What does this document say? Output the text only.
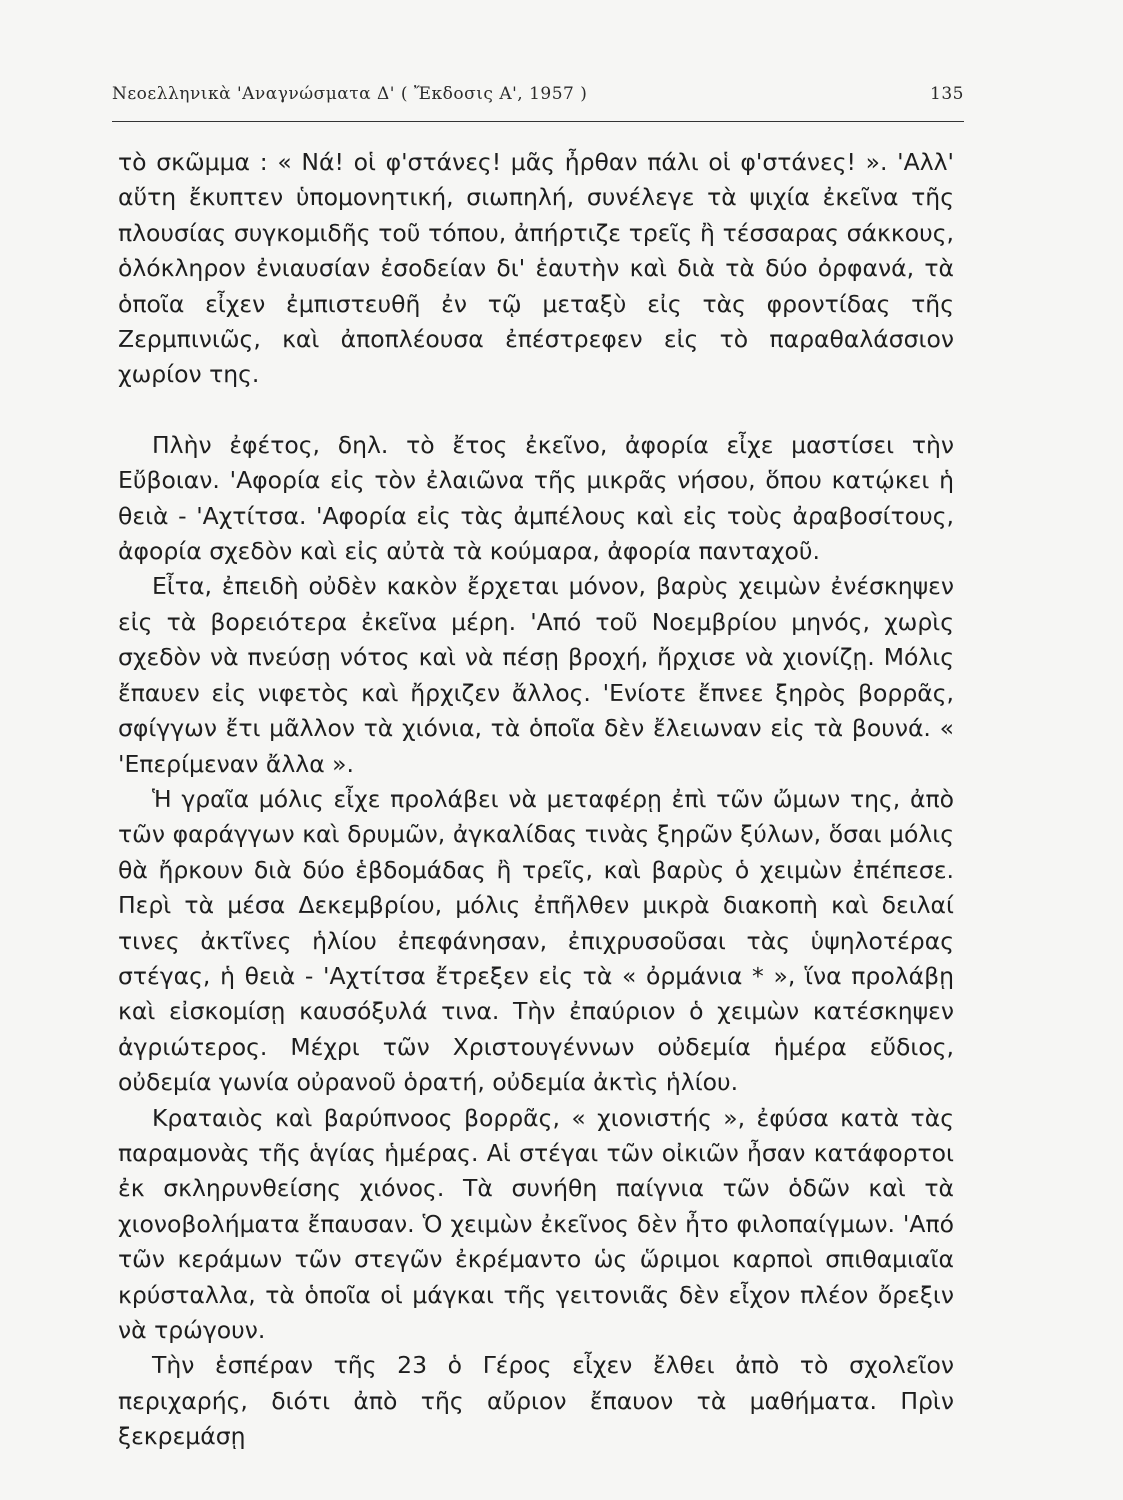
Νεοελληνικὰ 'Αναγνώσματα Δ' ( Ἔκδοσις Α', 1957 )	135

τὸ σκῶμμα : « Νά! οἱ φ'στάνες! μᾶς ἦρθαν πάλι οἱ φ'στάνες! ». 'Αλλ' αὕτη ἔκυπτεν ὑπομονητική, σιωπηλή, συνέλεγε τὰ ψιχία ἐκεῖνα τῆς πλουσίας συγκομιδῆς τοῦ τόπου, ἀπήρτιζε τρεῖς ἢ τέσσαρας σάκκους, ὁλόκληρον ἐνιαυσίαν ἐσοδείαν δι' ἑαυτὴν καὶ διὰ τὰ δύο ὀρφανά, τὰ ὁποῖα εἶχεν ἐμπιστευθῆ ἐν τῷ μεταξὺ εἰς τὰς φροντίδας τῆς Ζερμπινιῶς, καὶ ἀποπλέουσα ἐπέστρεφεν εἰς τὸ παραθαλάσσιον χωρίον της.

Πλὴν ἐφέτος, δηλ. τὸ ἔτος ἐκεῖνο, ἀφορία εἶχε μαστίσει τὴν Εὔβοιαν. 'Αφορία εἰς τὸν ἐλαιῶνα τῆς μικρᾶς νήσου, ὅπου κατῴκει ἡ θειὰ - 'Αχτίτσα. 'Αφορία εἰς τὰς ἀμπέλους καὶ εἰς τοὺς ἀραβοσίτους, ἀφορία σχεδὸν καὶ εἰς αὐτὰ τὰ κούμαρα, ἀφορία πανταχοῦ.

Εἶτα, ἐπειδὴ οὐδὲν κακὸν ἔρχεται μόνον, βαρὺς χειμὼν ἐνέσκηψεν εἰς τὰ βορειότερα ἐκεῖνα μέρη. 'Από τοῦ Νοεμβρίου μηνός, χωρὶς σχεδὸν νὰ πνεύσῃ νότος καὶ νὰ πέσῃ βροχή, ἤρχισε νὰ χιονίζῃ. Μόλις ἔπαυεν εἰς νιφετὸς καὶ ἤρχιζεν ἄλλος. 'Ενίοτε ἔπνεε ξηρὸς βορρᾶς, σφίγγων ἔτι μᾶλλον τὰ χιόνια, τὰ ὁποῖα δὲν ἔλειωναν εἰς τὰ βουνά. « 'Επερίμεναν ἄλλα ».

Ἡ γραῖα μόλις εἶχε προλάβει νὰ μεταφέρῃ ἐπὶ τῶν ὤμων της, ἀπὸ τῶν φαράγγων καὶ δρυμῶν, ἀγκαλίδας τινὰς ξηρῶν ξύλων, ὅσαι μόλις θὰ ἤρκουν διὰ δύο ἑβδομάδας ἢ τρεῖς, καὶ βαρὺς ὁ χειμὼν ἐπέπεσε. Περὶ τὰ μέσα Δεκεμβρίου, μόλις ἐπῆλθεν μικρὰ διακοπὴ καὶ δειλαί τινες ἀκτῖνες ἡλίου ἐπεφάνησαν, ἐπιχρυσοῦσαι τὰς ὑψηλοτέρας στέγας, ἡ θειὰ - 'Αχτίτσα ἔτρεξεν εἰς τὰ « ὀρμάνια * », ἵνα προλάβῃ καὶ εἰσκομίσῃ καυσόξυλά τινα. Τὴν ἐπαύριον ὁ χειμὼν κατέσκηψεν ἀγριώτερος. Μέχρι τῶν Χριστουγέννων οὐδεμία ἡμέρα εὔδιος, οὐδεμία γωνία οὐρανοῦ ὁρατή, οὐδεμία ἀκτὶς ἡλίου.

Κραταιὸς καὶ βαρύπνοος βορρᾶς, « χιονιστής », ἐφύσα κατὰ τὰς παραμονὰς τῆς ἁγίας ἡμέρας. Αἱ στέγαι τῶν οἰκιῶν ἦσαν κατάφορτοι ἐκ σκληρυνθείσης χιόνος. Τὰ συνήθη παίγνια τῶν ὁδῶν καὶ τὰ χιονοβολήματα ἔπαυσαν. Ὁ χειμὼν ἐκεῖνος δὲν ἦτο φιλοπαίγμων. 'Από τῶν κεράμων τῶν στεγῶν ἐκρέμαντο ὡς ὥριμοι καρποὶ σπιθαμιαῖα κρύσταλλα, τὰ ὁποῖα οἱ μάγκαι τῆς γειτονιᾶς δὲν εἶχον πλέον ὄρεξιν νὰ τρώγουν.

Τὴν ἑσπέραν τῆς 23 ὁ Γέρος εἶχεν ἔλθει ἀπὸ τὸ σχολεῖον περιχαρής, διότι ἀπὸ τῆς αὔριον ἔπαυον τὰ μαθήματα. Πρὶν ξεκρεμάσῃ
